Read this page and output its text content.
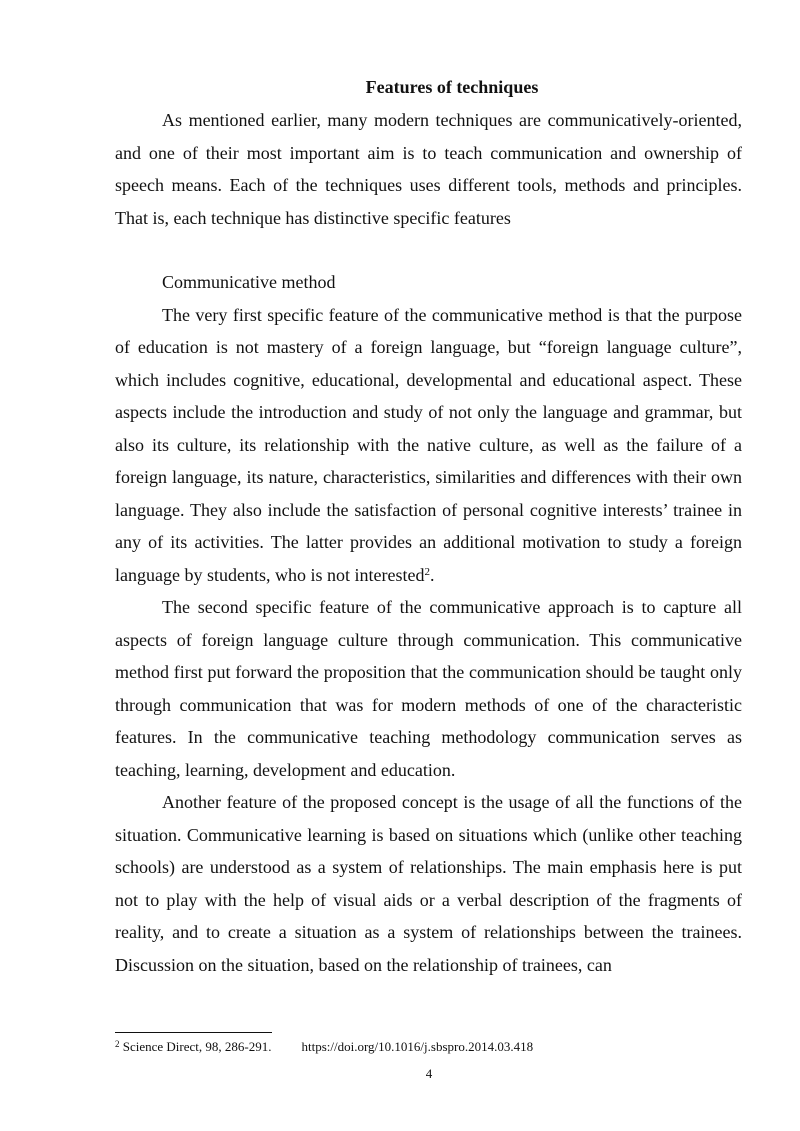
Features of techniques

As mentioned earlier, many modern techniques are communicatively-oriented, and one of their most important aim is to teach communication and ownership of speech means. Each of the techniques uses different tools, methods and principles. That is, each technique has distinctive specific features

Communicative method

The very first specific feature of the communicative method is that the purpose of education is not mastery of a foreign language, but “foreign language culture”, which includes cognitive, educational, developmental and educational aspect. These aspects include the introduction and study of not only the language and grammar, but also its culture, its relationship with the native culture, as well as the failure of a foreign language, its nature, characteristics, similarities and differences with their own language. They also include the satisfaction of personal cognitive interests’ trainee in any of its activities. The latter provides an additional motivation to study a foreign language by students, who is not interested$^2$.

The second specific feature of the communicative approach is to capture all aspects of foreign language culture through communication. This communicative method first put forward the proposition that the communication should be taught only through communication that was for modern methods of one of the characteristic features. In the communicative teaching methodology communication serves as teaching, learning, development and education.

Another feature of the proposed concept is the usage of all the functions of the situation. Communicative learning is based on situations which (unlike other teaching schools) are understood as a system of relationships. The main emphasis here is put not to play with the help of visual aids or a verbal description of the fragments of reality, and to create a situation as a system of relationships between the trainees. Discussion on the situation, based on the relationship of trainees, can

$^2$ Science Direct, 98, 286-291. https://doi.org/10.1016/j.sbspro.2014.03.418
4
